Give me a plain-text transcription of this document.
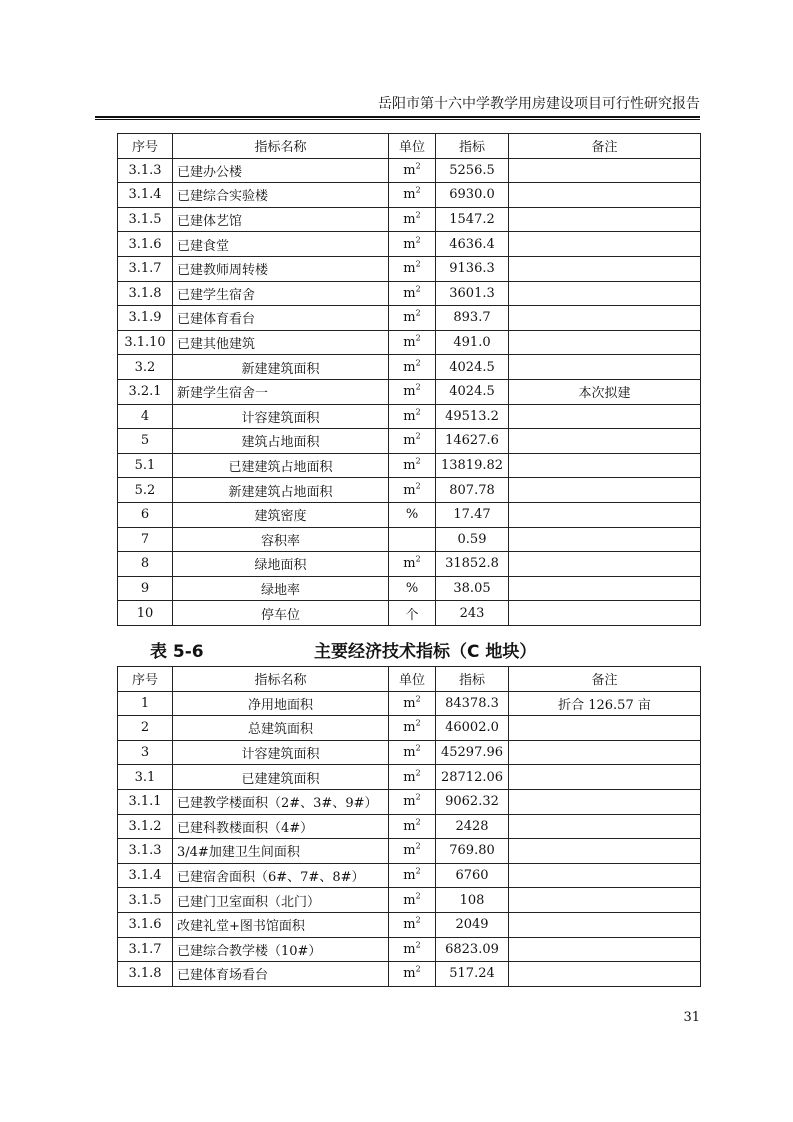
岳阳市第十六中学教学用房建设项目可行性研究报告
序号	指标名称	单位	指标	备注
3.1.3	已建办公楼	$m^2$	5256.5	
3.1.4	已建综合实验楼	$m^2$	6930.0	
3.1.5	已建体艺馆	$m^2$	1547.2	
3.1.6	已建食堂	$m^2$	4636.4	
3.1.7	已建教师周转楼	$m^2$	9136.3	
3.1.8	已建学生宿舍	$m^2$	3601.3	
3.1.9	已建体育看台	$m^2$	893.7	
3.1.10	已建其他建筑	$m^2$	491.0	
3.2	新建建筑面积	$m^2$	4024.5	
3.2.1	新建学生宿舍一	$m^2$	4024.5	本次拟建
4	计容建筑面积	$m^2$	49513.2	
5	建筑占地面积	$m^2$	14627.6	
5.1	已建建筑占地面积	$m^2$	13819.82	
5.2	新建建筑占地面积	$m^2$	807.78	
6	建筑密度	%	17.47	
7	容积率		0.59	
8	绿地面积	$m^2$	31852.8	
9	绿地率	%	38.05	
10	停车位	个	243	
表 5-6	主要经济技术指标（C 地块）
序号	指标名称	单位	指标	备注
1	净用地面积	$m^2$	84378.3	折合 126.57 亩
2	总建筑面积	$m^2$	46002.0	
3	计容建筑面积	$m^2$	45297.96	
3.1	已建建筑面积	$m^2$	28712.06	
3.1.1	已建教学楼面积（2#、3#、9#）	$m^2$	9062.32	
3.1.2	已建科教楼面积（4#）	$m^2$	2428	
3.1.3	3/4#加建卫生间面积	$m^2$	769.80	
3.1.4	已建宿舍面积（6#、7#、8#）	$m^2$	6760	
3.1.5	已建门卫室面积（北门）	$m^2$	108	
3.1.6	改建礼堂+图书馆面积	$m^2$	2049	
3.1.7	已建综合教学楼（10#）	$m^2$	6823.09	
3.1.8	已建体育场看台	$m^2$	517.24	
31
